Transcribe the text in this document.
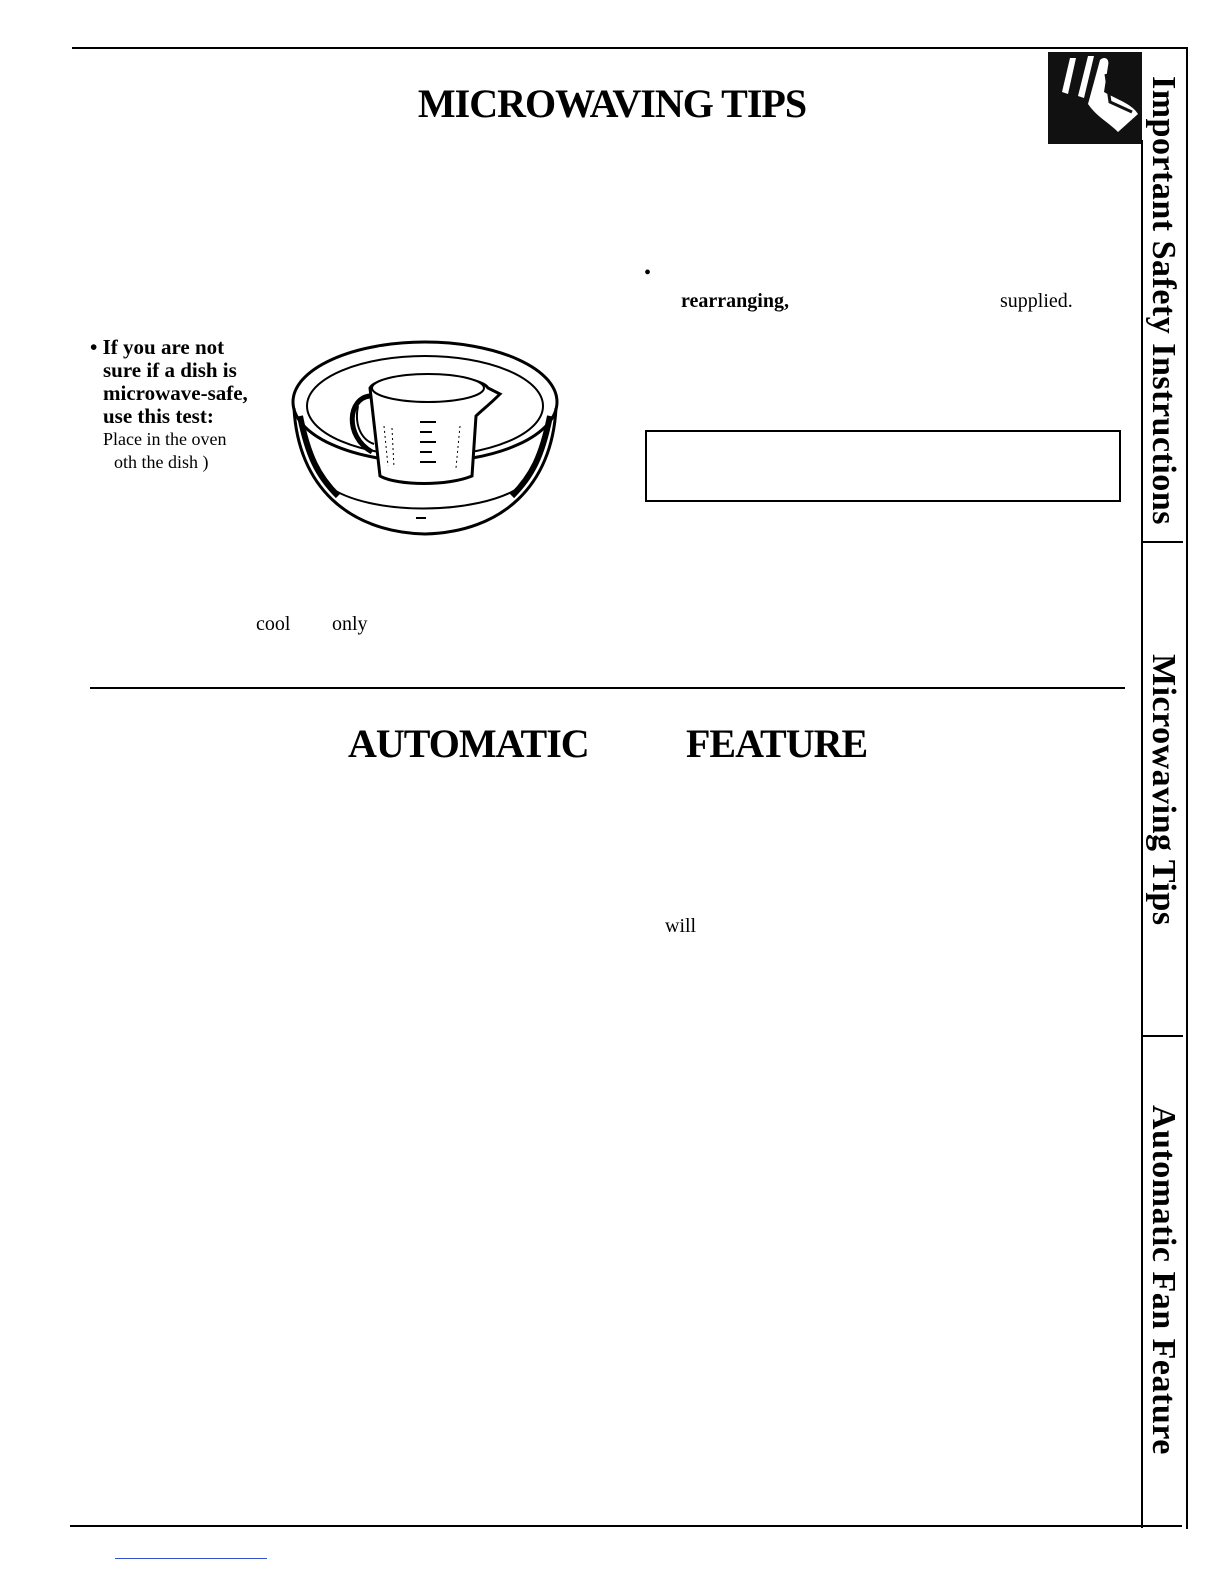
MICROWAVING TIPS
•
rearranging,	supplied.
• If you are not
sure if a dish is
microwave-safe,
use this test:
Place in the oven
oth the dish )
cool only
AUTOMATIC FEATURE
will
Important Safety Instructions
Microwaving Tips
Automatic Fan Feature
